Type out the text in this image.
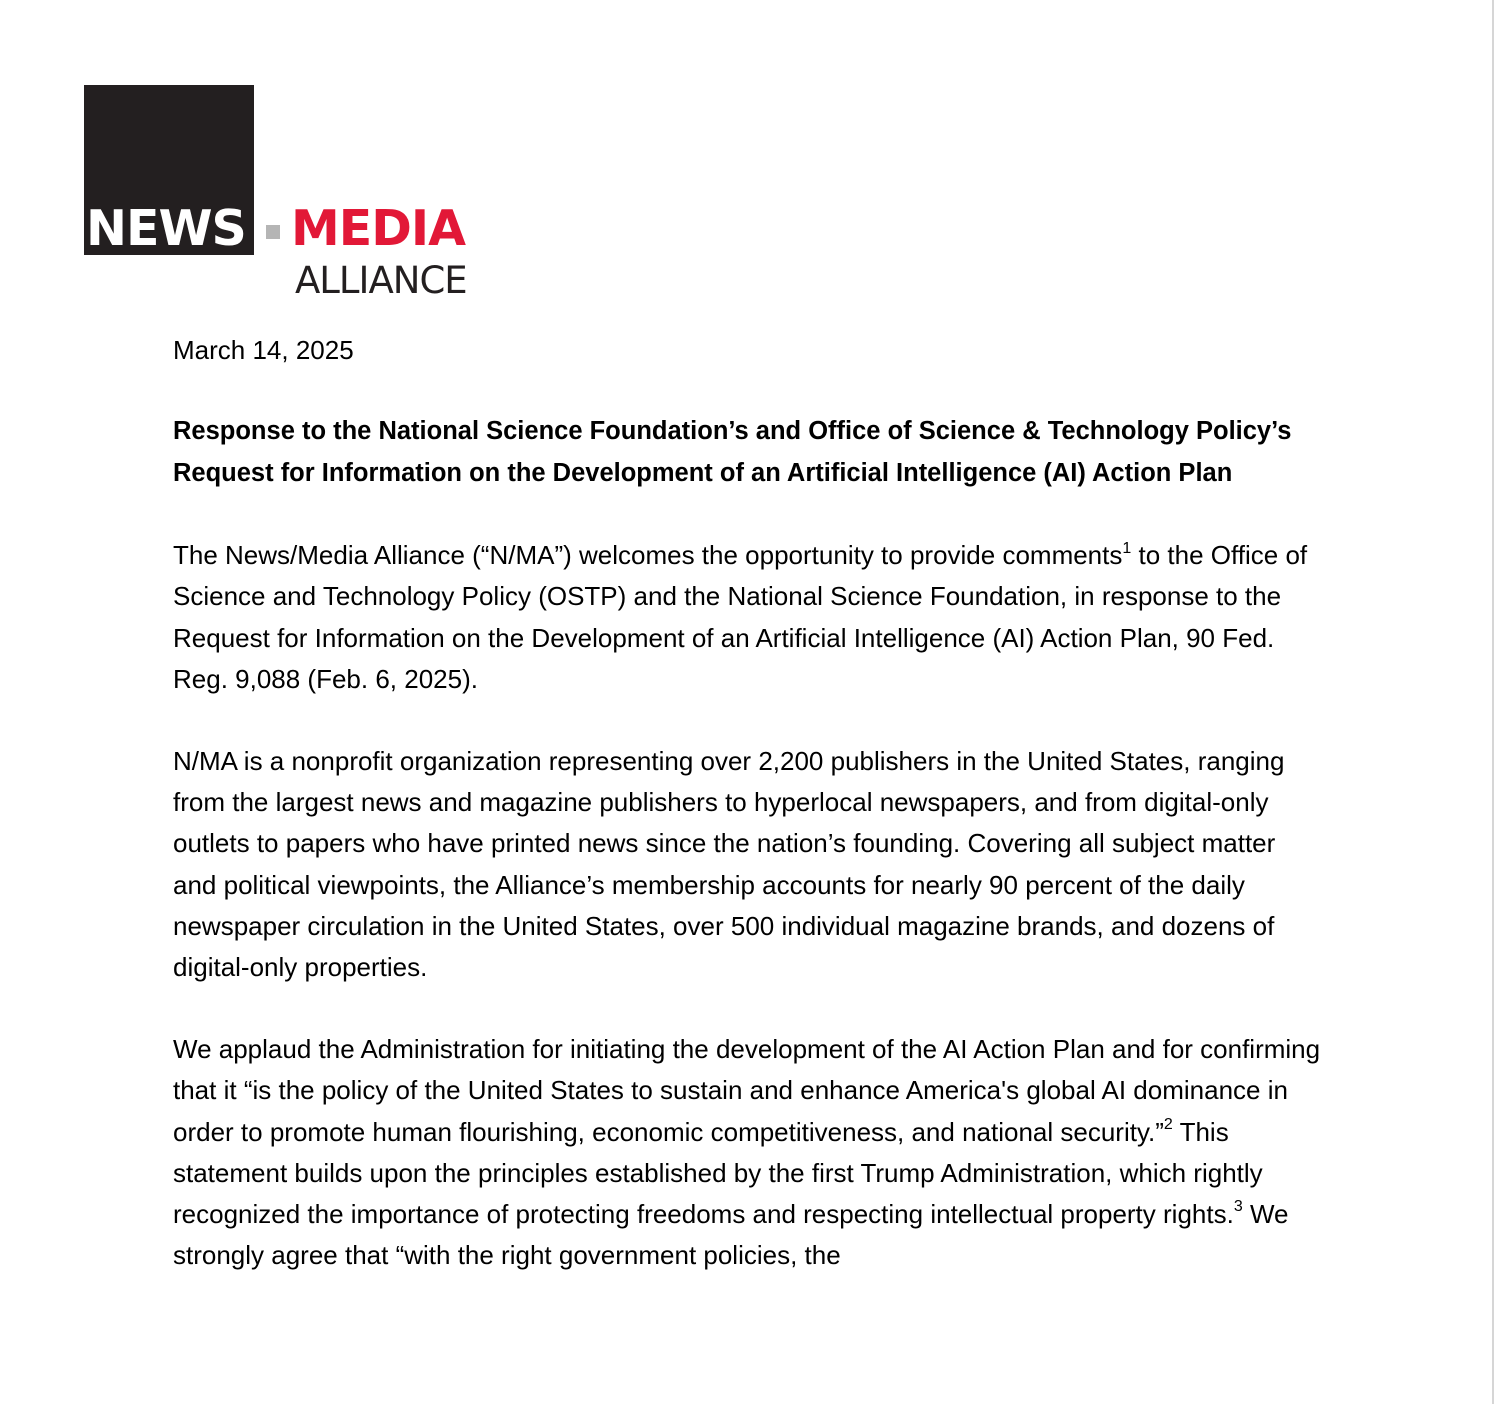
NEWS MEDIA
ALLIANCE

March 14, 2025

Response to the National Science Foundation’s and Office of Science & Technology Policy’s
Request for Information on the Development of an Artificial Intelligence (AI) Action Plan

The News/Media Alliance (“N/MA”) welcomes the opportunity to provide comments$^1$ to the Office of Science and Technology Policy (OSTP) and the National Science Foundation, in response to the Request for Information on the Development of an Artificial Intelligence (AI) Action Plan, 90 Fed. Reg. 9,088 (Feb. 6, 2025).

N/MA is a nonprofit organization representing over 2,200 publishers in the United States, ranging from the largest news and magazine publishers to hyperlocal newspapers, and from digital-only outlets to papers who have printed news since the nation’s founding. Covering all subject matter and political viewpoints, the Alliance’s membership accounts for nearly 90 percent of the daily newspaper circulation in the United States, over 500 individual magazine brands, and dozens of digital-only properties.

We applaud the Administration for initiating the development of the AI Action Plan and for confirming that it “is the policy of the United States to sustain and enhance America's global AI dominance in order to promote human flourishing, economic competitiveness, and national security.”$^2$ This statement builds upon the principles established by the first Trump Administration, which rightly recognized the importance of protecting freedoms and respecting intellectual property rights.$^3$ We strongly agree that “with the right government policies, the
